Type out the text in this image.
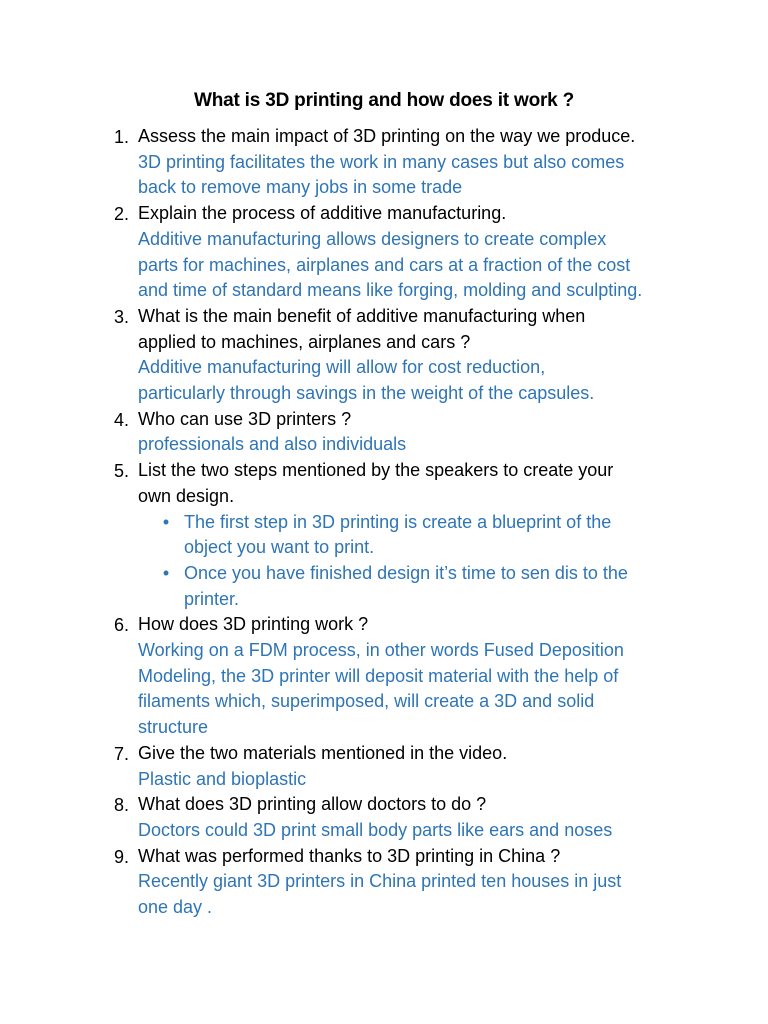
What is 3D printing and how does it work ?
1. Assess the main impact of 3D printing on the way we produce.
3D printing facilitates the work in many cases but also comes
back to remove many jobs in some trade
2. Explain the process of additive manufacturing.
Additive manufacturing allows designers to create complex
parts for machines, airplanes and cars at a fraction of the cost
and time of standard means like forging, molding and sculpting.
3. What is the main benefit of additive manufacturing when
applied to machines, airplanes and cars ?
Additive manufacturing will allow for cost reduction,
particularly through savings in the weight of the capsules.
4. Who can use 3D printers ?
professionals and also individuals
5. List the two steps mentioned by the speakers to create your
own design.
• The first step in 3D printing is create a blueprint of the
object you want to print.
• Once you have finished design it’s time to sen dis to the
printer.
6. How does 3D printing work ?
Working on a FDM process, in other words Fused Deposition
Modeling, the 3D printer will deposit material with the help of
filaments which, superimposed, will create a 3D and solid
structure
7. Give the two materials mentioned in the video.
Plastic and bioplastic
8. What does 3D printing allow doctors to do ?
Doctors could 3D print small body parts like ears and noses
9. What was performed thanks to 3D printing in China ?
Recently giant 3D printers in China printed ten houses in just
one day .
